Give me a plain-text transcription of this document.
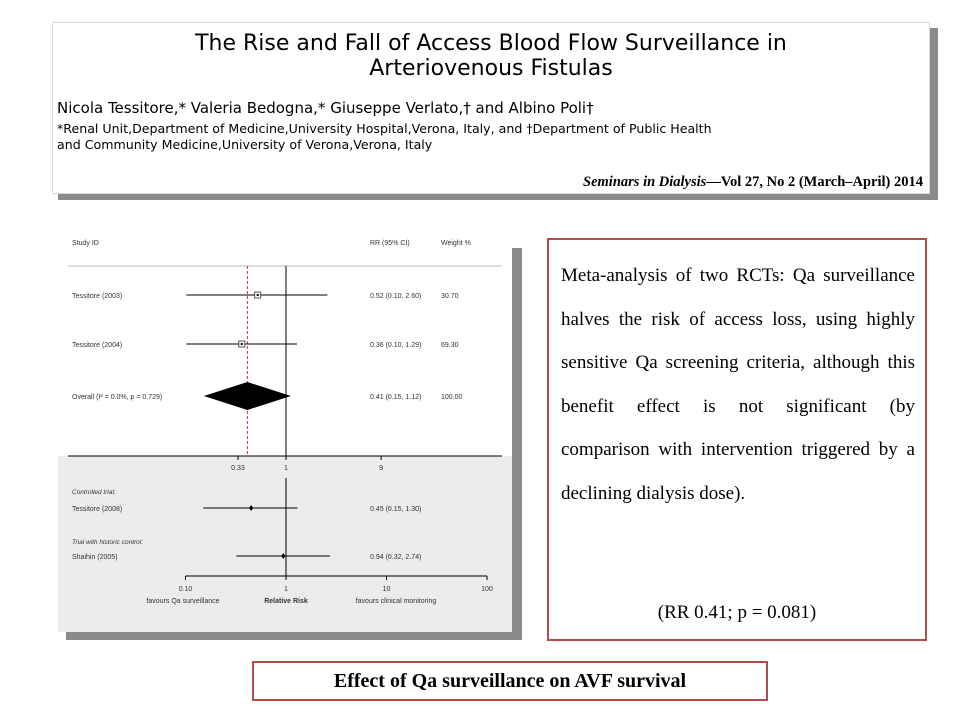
The Rise and Fall of Access Blood Flow Surveillance in
Arteriovenous Fistulas
Nicola Tessitore,* Valeria Bedogna,* Giuseppe Verlato,† and Albino Poli†
*Renal Unit,Department of Medicine,University Hospital,Verona, Italy, and †Department of Public Health
and Community Medicine,University of Verona,Verona, Italy
Seminars in Dialysis—Vol 27, No 2 (March–April) 2014
Study ID	RR (95% CI)	Weight %
Tessitore (2003)	0.52 (0.10, 2.60)	30.70
Tessitore (2004)	0.36 (0.10, 1.29)	69.30
Overall (I² = 0.0%, p = 0.729)	0.41 (0.15, 1.12)	100.00
0.33	1	9
Controlled trial:
Tessitore (2008)	0.45 (0.15, 1.30)
Trial with historic control:
Shaihin (2005)	0.94 (0.32, 2.74)
0.10	1	10	100
favours Qa surveillance	Relative Risk	favours clinical monitoring

Meta-analysis of two RCTs: Qa surveillance halves the risk of access loss, using highly sensitive Qa screening criteria, although this benefit effect is not significant (by comparison with intervention triggered by a declining dialysis dose).

(RR 0.41; p = 0.081)
Effect of Qa surveillance on AVF survival
